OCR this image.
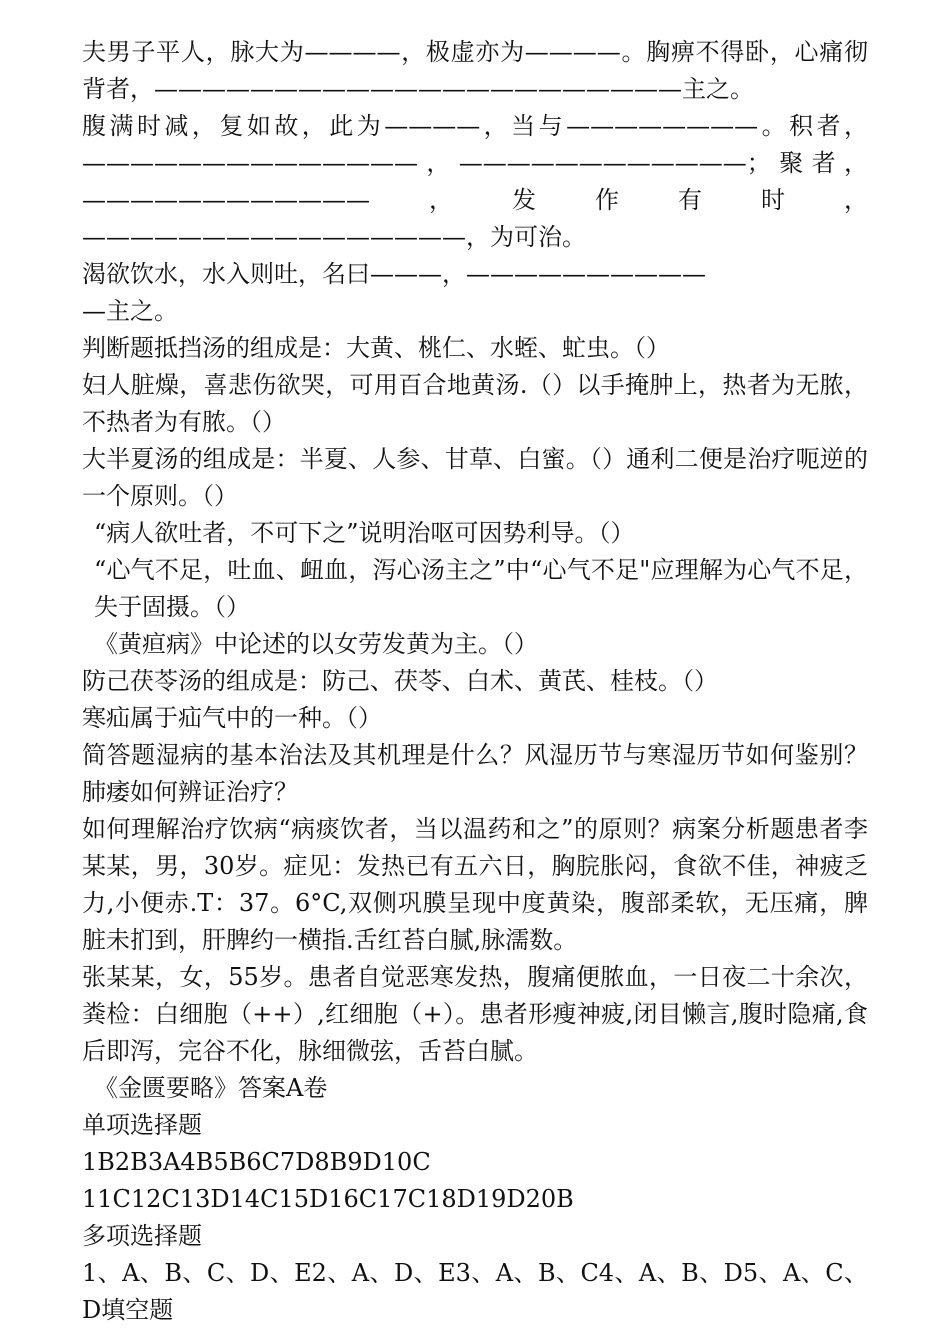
夫男子平人，脉大为————，极虚亦为————。胸痹不得卧，心痛彻背者，——————————————————————主之。

腹满时减，复如故，此为————，当与————————。积者，——————————————，————————————；聚者，————————————，发作有时，————————————————，为可治。

渴欲饮水，水入则吐，名曰———，——————————

—主之。

判断题抵挡汤的组成是：大黄、桃仁、水蛭、虻虫。（）

妇人脏燥，喜悲伤欲哭，可用百合地黄汤.（）以手掩肿上，热者为无脓，不热者为有脓。（）

大半夏汤的组成是：半夏、人参、甘草、白蜜。（）通利二便是治疗呃逆的一个原则。（）

“病人欲吐者，不可下之”说明治呕可因势利导。（）

“心气不足，吐血、衄血，泻心汤主之”中“心气不足"应理解为心气不足，失于固摄。（）

《黄疸病》中论述的以女劳发黄为主。（）

防己茯苓汤的组成是：防己、茯苓、白术、黄芪、桂枝。（）

寒疝属于疝气中的一种。（）

简答题湿病的基本治法及其机理是什么？风湿历节与寒湿历节如何鉴别？肺痿如何辨证治疗？

如何理解治疗饮病“病痰饮者，当以温药和之”的原则？病案分析题患者李某某，男，30岁。症见：发热已有五六日，胸脘胀闷，食欲不佳，神疲乏力,小便赤.T：37。6°C,双侧巩膜呈现中度黄染，腹部柔软，无压痛，脾脏未扪到，肝脾约一横指.舌红苔白腻,脉濡数。

张某某，女，55岁。患者自觉恶寒发热，腹痛便脓血，一日夜二十余次，粪检：白细胞（++）,红细胞（+）。患者形瘦神疲,闭目懒言,腹时隐痛,食后即泻，完谷不化，脉细微弦，舌苔白腻。

《金匮要略》答案A卷

单项选择题

1B2B3A4B5B6C7D8B9D10C

11C12C13D14C15D16C17C18D19D20B

多项选择题

1、A、B、C、D、E2、A、D、E3、A、B、C4、A、B、D5、A、C、D填空题
